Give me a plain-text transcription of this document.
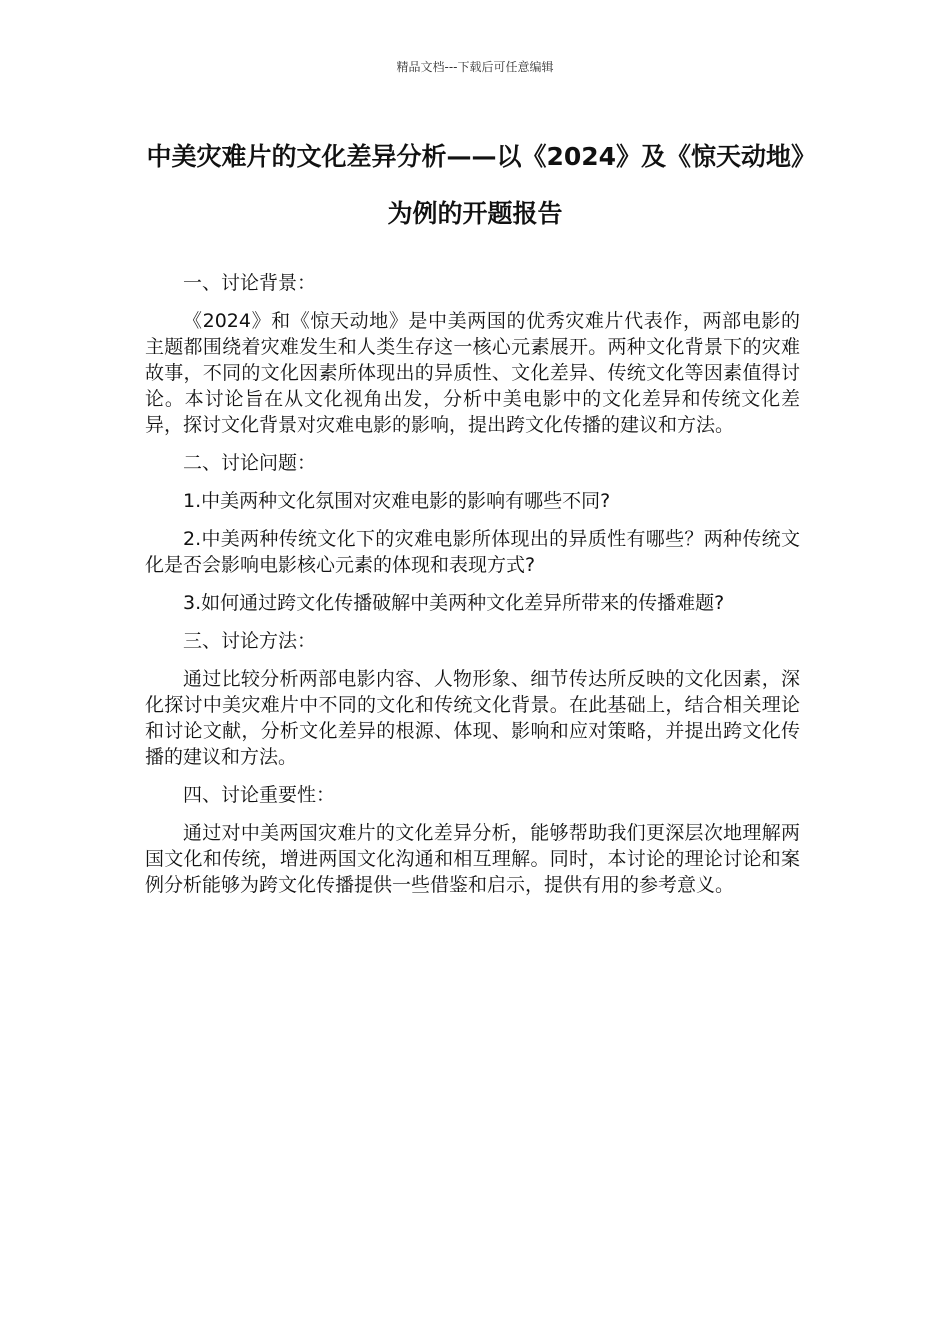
精品文档---下载后可任意编辑
中美灾难片的文化差异分析——以《2024》及《惊天动地》为例的开题报告

一、讨论背景：

《2024》和《惊天动地》是中美两国的优秀灾难片代表作，两部电影的主题都围绕着灾难发生和人类生存这一核心元素展开。两种文化背景下的灾难故事，不同的文化因素所体现出的异质性、文化差异、传统文化等因素值得讨论。本讨论旨在从文化视角出发，分析中美电影中的文化差异和传统文化差异，探讨文化背景对灾难电影的影响，提出跨文化传播的建议和方法。

二、讨论问题：

1.中美两种文化氛围对灾难电影的影响有哪些不同?

2.中美两种传统文化下的灾难电影所体现出的异质性有哪些？两种传统文化是否会影响电影核心元素的体现和表现方式?

3.如何通过跨文化传播破解中美两种文化差异所带来的传播难题?

三、讨论方法：

通过比较分析两部电影内容、人物形象、细节传达所反映的文化因素，深化探讨中美灾难片中不同的文化和传统文化背景。在此基础上，结合相关理论和讨论文献，分析文化差异的根源、体现、影响和应对策略，并提出跨文化传播的建议和方法。

四、讨论重要性：

通过对中美两国灾难片的文化差异分析，能够帮助我们更深层次地理解两国文化和传统，增进两国文化沟通和相互理解。同时，本讨论的理论讨论和案例分析能够为跨文化传播提供一些借鉴和启示，提供有用的参考意义。
